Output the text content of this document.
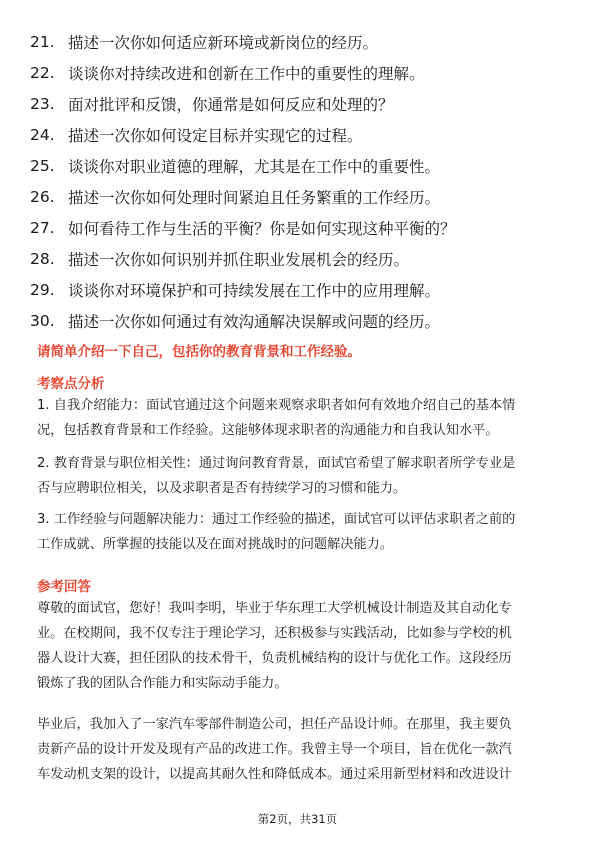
21. 描述一次你如何适应新环境或新岗位的经历。
22. 谈谈你对持续改进和创新在工作中的重要性的理解。
23. 面对批评和反馈，你通常是如何反应和处理的？
24. 描述一次你如何设定目标并实现它的过程。
25. 谈谈你对职业道德的理解，尤其是在工作中的重要性。
26. 描述一次你如何处理时间紧迫且任务繁重的工作经历。
27. 如何看待工作与生活的平衡？你是如何实现这种平衡的？
28. 描述一次你如何识别并抓住职业发展机会的经历。
29. 谈谈你对环境保护和可持续发展在工作中的应用理解。
30. 描述一次你如何通过有效沟通解决误解或问题的经历。
请简单介绍一下自己，包括你的教育背景和工作经验。
考察点分析
1. 自我介绍能力：面试官通过这个问题来观察求职者如何有效地介绍自己的基本情
况，包括教育背景和工作经验。这能够体现求职者的沟通能力和自我认知水平。
2. 教育背景与职位相关性：通过询问教育背景，面试官希望了解求职者所学专业是
否与应聘职位相关，以及求职者是否有持续学习的习惯和能力。
3. 工作经验与问题解决能力：通过工作经验的描述，面试官可以评估求职者之前的
工作成就、所掌握的技能以及在面对挑战时的问题解决能力。
参考回答
尊敬的面试官，您好！我叫李明，毕业于华东理工大学机械设计制造及其自动化专
业。在校期间，我不仅专注于理论学习，还积极参与实践活动，比如参与学校的机
器人设计大赛，担任团队的技术骨干，负责机械结构的设计与优化工作。这段经历
锻炼了我的团队合作能力和实际动手能力。
毕业后，我加入了一家汽车零部件制造公司，担任产品设计师。在那里，我主要负
责新产品的设计开发及现有产品的改进工作。我曾主导一个项目，旨在优化一款汽
车发动机支架的设计，以提高其耐久性和降低成本。通过采用新型材料和改进设计
第2页，共31页
